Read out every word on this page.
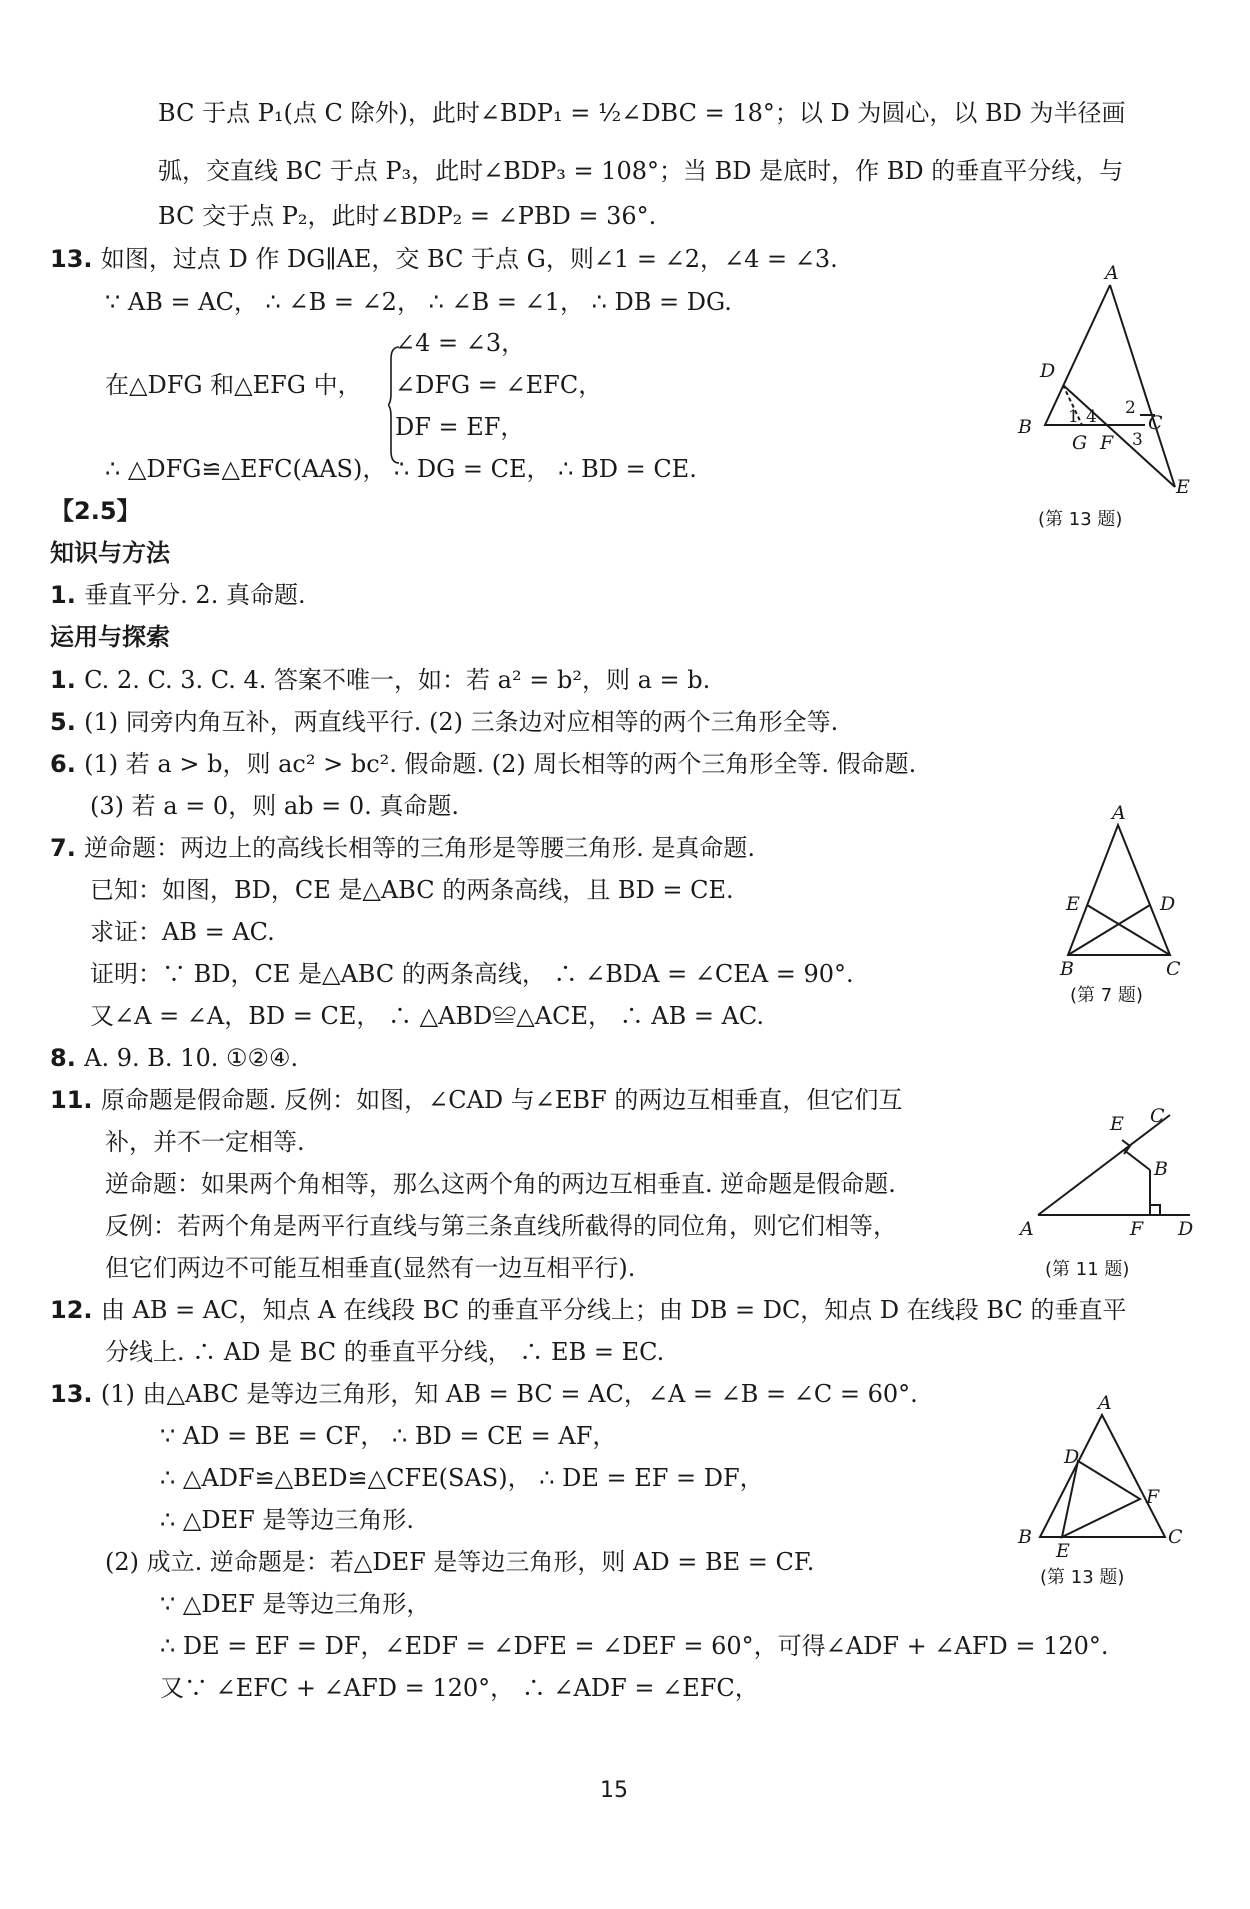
BC 于点 P₁(点 C 除外)，此时∠BDP₁ = ½∠DBC = 18°；以 D 为圆心，以 BD 为半径画
弧，交直线 BC 于点 P₃，此时∠BDP₃ = 108°；当 BD 是底时，作 BD 的垂直平分线，与
BC 交于点 P₂，此时∠BDP₂ = ∠PBD = 36°.
13. 如图，过点 D 作 DG∥AE，交 BC 于点 G，则∠1 = ∠2，∠4 = ∠3.
∵ AB = AC， ∴ ∠B = ∠2， ∴ ∠B = ∠1， ∴ DB = DG.
∠4 = ∠3，
在△DFG 和△EFG 中， ∠DFG = ∠EFC，
DF = EF，
∴ △DFG≌△EFC(AAS)， ∴ DG = CE， ∴ BD = CE.
【2.5】
知识与方法
1. 垂直平分. 2. 真命题.
运用与探索
1. C. 2. C. 3. C. 4. 答案不唯一，如：若 a² = b²，则 a = b.
5. (1) 同旁内角互补，两直线平行. (2) 三条边对应相等的两个三角形全等.
6. (1) 若 a > b，则 ac² > bc². 假命题. (2) 周长相等的两个三角形全等. 假命题.
(3) 若 a = 0，则 ab = 0. 真命题.
7. 逆命题：两边上的高线长相等的三角形是等腰三角形. 是真命题.
已知：如图，BD，CE 是△ABC 的两条高线，且 BD = CE.
求证：AB = AC.
证明：∵ BD，CE 是△ABC 的两条高线， ∴ ∠BDA = ∠CEA = 90°.
又∠A = ∠A，BD = CE， ∴ △ABD≌△ACE， ∴ AB = AC.
8. A. 9. B. 10. ①②④.
11. 原命题是假命题. 反例：如图，∠CAD 与∠EBF 的两边互相垂直，但它们互
补，并不一定相等.
逆命题：如果两个角相等，那么这两个角的两边互相垂直. 逆命题是假命题.
反例：若两个角是两平行直线与第三条直线所截得的同位角，则它们相等，
但它们两边不可能互相垂直(显然有一边互相平行).
12. 由 AB = AC，知点 A 在线段 BC 的垂直平分线上；由 DB = DC，知点 D 在线段 BC 的垂直平
分线上. ∴ AD 是 BC 的垂直平分线， ∴ EB = EC.
13. (1) 由△ABC 是等边三角形，知 AB = BC = AC，∠A = ∠B = ∠C = 60°.
∵ AD = BE = CF， ∴ BD = CE = AF，
∴ △ADF≌△BED≌△CFE(SAS)， ∴ DE = EF = DF，
∴ △DEF 是等边三角形.
(2) 成立. 逆命题是：若△DEF 是等边三角形，则 AD = BE = CF.
∵ △DEF 是等边三角形，
∴ DE = EF = DF，∠EDF = ∠DFE = ∠DEF = 60°，可得∠ADF + ∠AFD = 120°.
又∵ ∠EFC + ∠AFD = 120°， ∴ ∠ADF = ∠EFC，
A
D
B
G F
C
E
1 4 2
3
(第 13 题)
A
E	D
B	C
(第 7 题)
E C
B
A	F D
(第 11 题)
A
D
F
B
E
C
(第 13 题)
15
